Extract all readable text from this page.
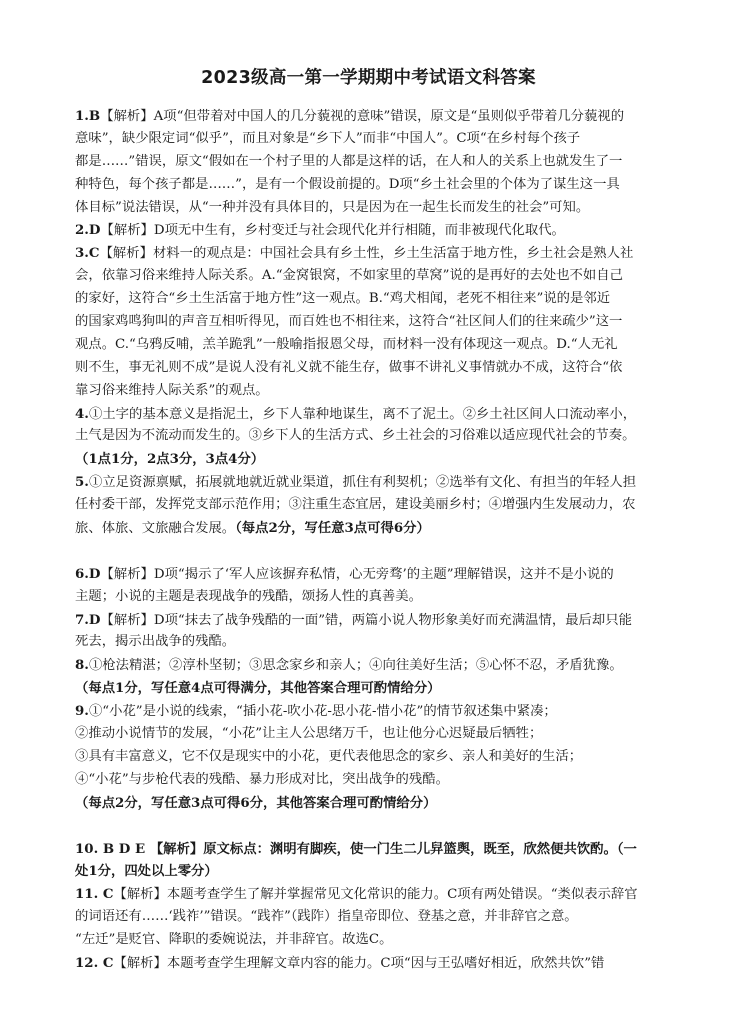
2023级高一第一学期期中考试语文科答案
1.B【解析】A项“但带着对中国人的几分藐视的意味”错误，原文是“虽则似乎带着几分藐视的
意味”，缺少限定词“似乎”，而且对象是“乡下人”而非“中国人”。C项“在乡村每个孩子
都是……”错误，原文“假如在一个村子里的人都是这样的话，在人和人的关系上也就发生了一
种特色，每个孩子都是……”，是有一个假设前提的。D项“乡土社会里的个体为了谋生这一具
体目标”说法错误，从“一种并没有具体目的，只是因为在一起生长而发生的社会”可知。
2.D【解析】D项无中生有，乡村变迁与社会现代化并行相随，而非被现代化取代。
3.C【解析】材料一的观点是：中国社会具有乡土性，乡土生活富于地方性，乡土社会是熟人社
会，依靠习俗来维持人际关系。A.“金窝银窝，不如家里的草窝”说的是再好的去处也不如自己
的家好，这符合“乡土生活富于地方性”这一观点。B.“鸡犬相闻，老死不相往来”说的是邻近
的国家鸡鸣狗叫的声音互相听得见，而百姓也不相往来，这符合“社区间人们的往来疏少”这一
观点。C.“乌鸦反哺，羔羊跪乳”一般喻指报恩父母，而材料一没有体现这一观点。D.“人无礼
则不生，事无礼则不成”是说人没有礼义就不能生存，做事不讲礼义事情就办不成，这符合“依
靠习俗来维持人际关系”的观点。
4.①土字的基本意义是指泥土，乡下人靠种地谋生，离不了泥土。②乡土社区间人口流动率小，
土气是因为不流动而发生的。③乡下人的生活方式、乡土社会的习俗难以适应现代社会的节奏。
（1点1分，2点3分，3点4分）
5.①立足资源禀赋，拓展就地就近就业渠道，抓住有利契机；②选举有文化、有担当的年轻人担
任村委干部，发挥党支部示范作用；③注重生态宜居，建设美丽乡村；④增强内生发展动力，农
旅、体旅、文旅融合发展。（每点2分，写任意3点可得6分）
6.D【解析】D项“揭示了‘军人应该摒弃私情，心无旁骛’的主题”理解错误，这并不是小说的
主题；小说的主题是表现战争的残酷，颂扬人性的真善美。
7.D【解析】D项“抹去了战争残酷的一面”错，两篇小说人物形象美好而充满温情，最后却只能
死去，揭示出战争的残酷。
8.①枪法精湛；②淳朴坚韧；③思念家乡和亲人；④向往美好生活；⑤心怀不忍，矛盾犹豫。
（每点1分，写任意4点可得满分，其他答案合理可酌情给分）
9.①“小花”是小说的线索，“插小花-吹小花-思小花-惜小花”的情节叙述集中紧凑；
②推动小说情节的发展，“小花”让主人公思绪万千，也让他分心迟疑最后牺牲；
③具有丰富意义，它不仅是现实中的小花，更代表他思念的家乡、亲人和美好的生活；
④“小花”与步枪代表的残酷、暴力形成对比，突出战争的残酷。
（每点2分，写任意3点可得6分，其他答案合理可酌情给分）
10. B D E 【解析】原文标点：渊明有脚疾，使一门生二儿舁篮舆，既至，欣然便共饮酌。（一
处1分，四处以上零分）
11. C【解析】本题考查学生了解并掌握常见文化常识的能力。C项有两处错误。“类似表示辞官
的词语还有……‘践祚’”错误。“践祚”（践阼）指皇帝即位、登基之意，并非辞官之意。
“左迁”是贬官、降职的委婉说法，并非辞官。故选C。
12. C【解析】本题考查学生理解文章内容的能力。C项“因与王弘嗜好相近，欣然共饮”错
